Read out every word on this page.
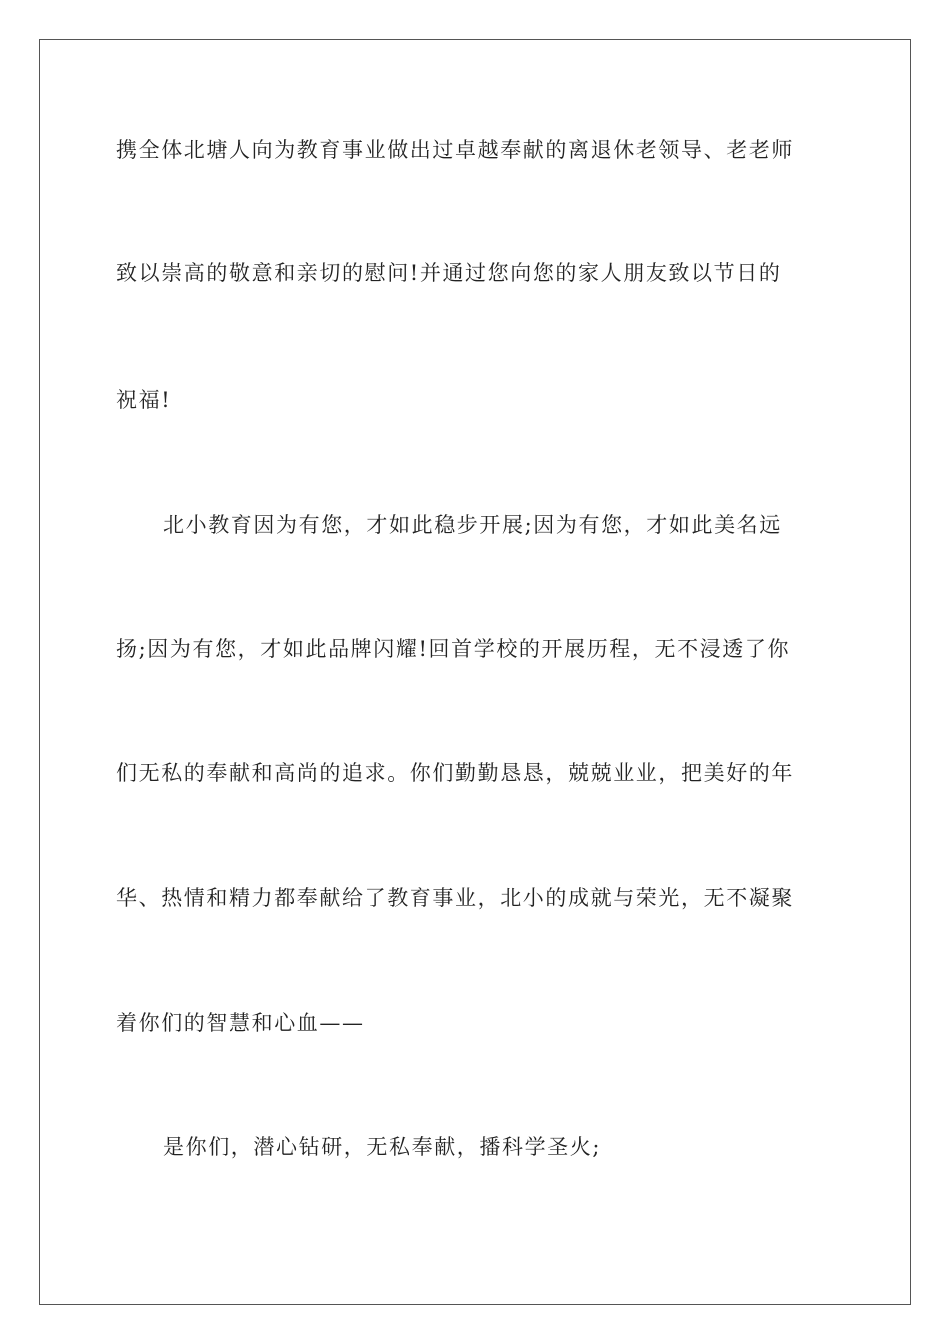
携全体北塘人向为教育事业做出过卓越奉献的离退休老领导、老老师
致以崇高的敬意和亲切的慰问!并通过您向您的家人朋友致以节日的
祝福!
北小教育因为有您，才如此稳步开展;因为有您，才如此美名远
扬;因为有您，才如此品牌闪耀!回首学校的开展历程，无不浸透了你
们无私的奉献和高尚的追求。你们勤勤恳恳，兢兢业业，把美好的年
华、热情和精力都奉献给了教育事业，北小的成就与荣光，无不凝聚
着你们的智慧和心血——
是你们，潜心钻研，无私奉献，播科学圣火;
